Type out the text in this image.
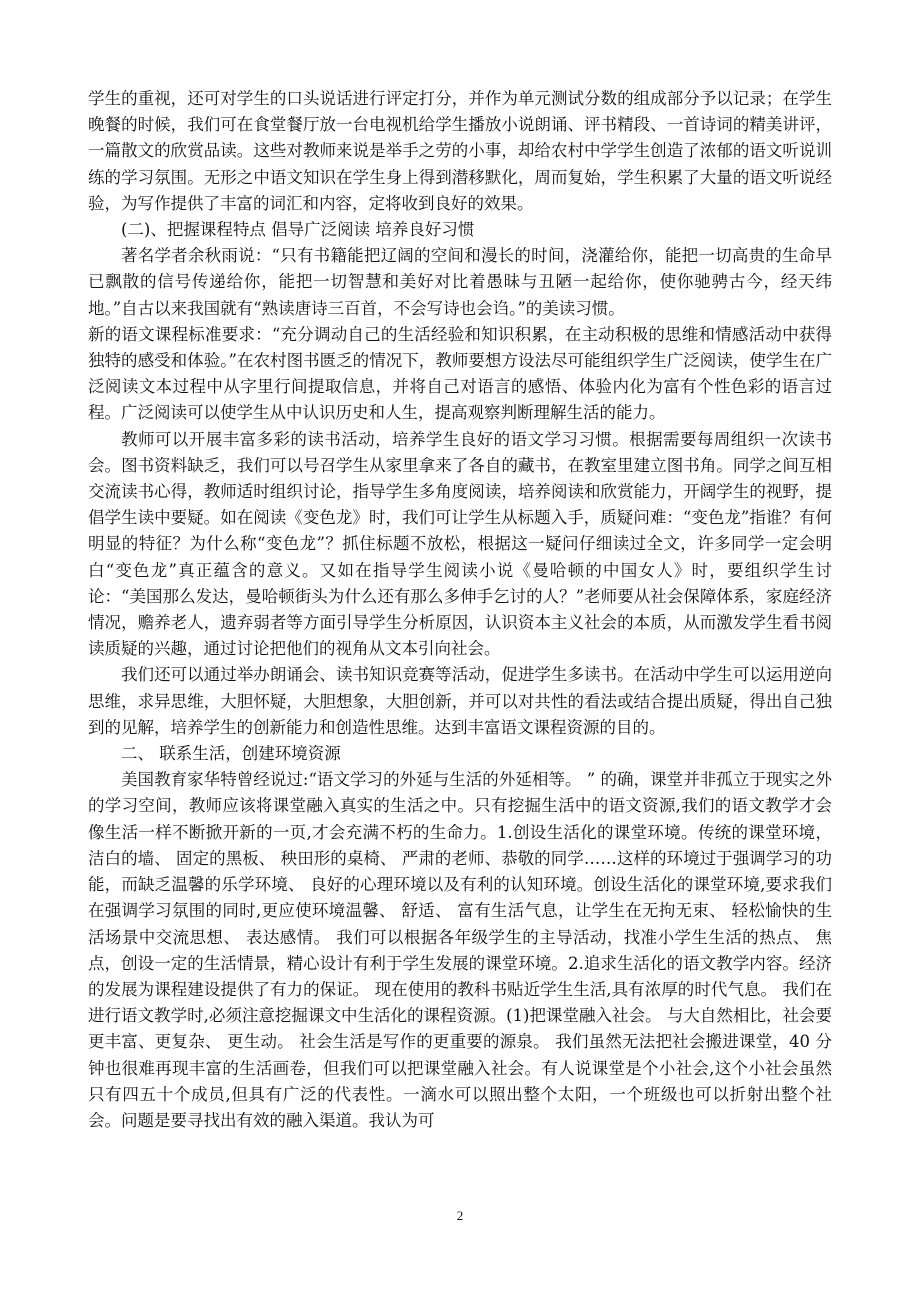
学生的重视，还可对学生的口头说话进行评定打分，并作为单元测试分数的组成部分予以记录；在学生晚餐的时候，我们可在食堂餐厅放一台电视机给学生播放小说朗诵、评书精段、一首诗词的精美讲评，一篇散文的欣赏品读。这些对教师来说是举手之劳的小事，却给农村中学学生创造了浓郁的语文听说训练的学习氛围。无形之中语文知识在学生身上得到潜移默化，周而复始，学生积累了大量的语文听说经验，为写作提供了丰富的词汇和内容，定将收到良好的效果。

(二)、把握课程特点 倡导广泛阅读 培养良好习惯

著名学者余秋雨说：“只有书籍能把辽阔的空间和漫长的时间，浇灌给你，能把一切高贵的生命早已飘散的信号传递给你，能把一切智慧和美好对比着愚昧与丑陋一起给你，使你驰骋古今，经天纬地。”自古以来我国就有“熟读唐诗三百首，不会写诗也会诌。”的美读习惯。

新的语文课程标准要求：“充分调动自己的生活经验和知识积累，在主动积极的思维和情感活动中获得独特的感受和体验。”在农村图书匮乏的情况下，教师要想方设法尽可能组织学生广泛阅读，使学生在广泛阅读文本过程中从字里行间提取信息，并将自己对语言的感悟、体验内化为富有个性色彩的语言过程。广泛阅读可以使学生从中认识历史和人生，提高观察判断理解生活的能力。

教师可以开展丰富多彩的读书活动，培养学生良好的语文学习习惯。根据需要每周组织一次读书会。图书资料缺乏，我们可以号召学生从家里拿来了各自的藏书，在教室里建立图书角。同学之间互相交流读书心得，教师适时组织讨论，指导学生多角度阅读，培养阅读和欣赏能力，开阔学生的视野，提倡学生读中要疑。如在阅读《变色龙》时，我们可让学生从标题入手，质疑问难：“变色龙”指谁？有何明显的特征？为什么称“变色龙”？抓住标题不放松，根据这一疑问仔细读过全文，许多同学一定会明白“变色龙”真正蕴含的意义。又如在指导学生阅读小说《曼哈顿的中国女人》时，要组织学生讨论：“美国那么发达，曼哈顿街头为什么还有那么多伸手乞讨的人？”老师要从社会保障体系，家庭经济情况，赡养老人，遗弃弱者等方面引导学生分析原因，认识资本主义社会的本质，从而激发学生看书阅读质疑的兴趣，通过讨论把他们的视角从文本引向社会。

我们还可以通过举办朗诵会、读书知识竞赛等活动，促进学生多读书。在活动中学生可以运用逆向思维，求异思维，大胆怀疑，大胆想象，大胆创新，并可以对共性的看法或结合提出质疑，得出自己独到的见解，培养学生的创新能力和创造性思维。达到丰富语文课程资源的目的。

二、 联系生活，创建环境资源

美国教育家华特曾经说过:“语文学习的外延与生活的外延相等。 ” 的确，课堂并非孤立于现实之外的学习空间，教师应该将课堂融入真实的生活之中。只有挖掘生活中的语文资源,我们的语文教学才会像生活一样不断掀开新的一页,才会充满不朽的生命力。1.创设生活化的课堂环境。传统的课堂环境，洁白的墙、 固定的黑板、 秧田形的桌椅、 严肃的老师、恭敬的同学……这样的环境过于强调学习的功能，而缺乏温馨的乐学环境、 良好的心理环境以及有利的认知环境。创设生活化的课堂环境,要求我们在强调学习氛围的同时,更应使环境温馨、 舒适、 富有生活气息，让学生在无拘无束、 轻松愉快的生活场景中交流思想、 表达感情。 我们可以根据各年级学生的主导活动，找准小学生生活的热点、 焦点，创设一定的生活情景，精心设计有利于学生发展的课堂环境。2.追求生活化的语文教学内容。经济的发展为课程建设提供了有力的保证。 现在使用的教科书贴近学生生活,具有浓厚的时代气息。 我们在进行语文教学时,必须注意挖掘课文中生活化的课程资源。(1)把课堂融入社会。 与大自然相比，社会要更丰富、更复杂、 更生动。 社会生活是写作的更重要的源泉。 我们虽然无法把社会搬进课堂，40 分钟也很难再现丰富的生活画卷，但我们可以把课堂融入社会。有人说课堂是个小社会,这个小社会虽然只有四五十个成员,但具有广泛的代表性。一滴水可以照出整个太阳，一个班级也可以折射出整个社会。问题是要寻找出有效的融入渠道。我认为可

2
